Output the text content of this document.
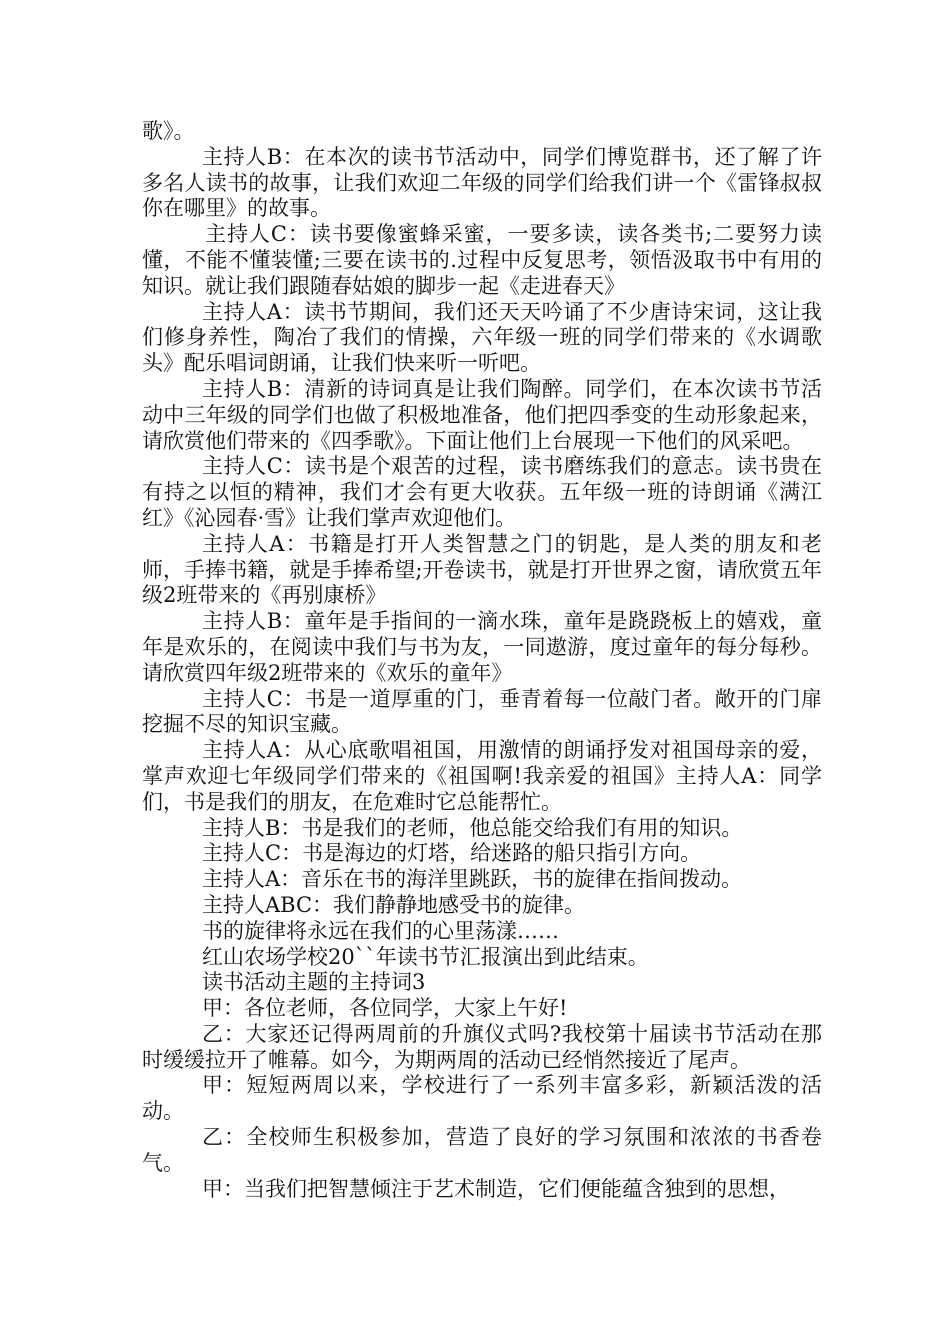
歌》。

主持人B：在本次的读书节活动中，同学们博览群书，还了解了许多名人读书的故事，让我们欢迎二年级的同学们给我们讲一个《雷锋叔叔你在哪里》的故事。

主持人C：读书要像蜜蜂采蜜，一要多读，读各类书;二要努力读懂，不能不懂装懂;三要在读书的.过程中反复思考，领悟汲取书中有用的知识。就让我们跟随春姑娘的脚步一起《走进春天》

主持人A：读书节期间，我们还天天吟诵了不少唐诗宋词，这让我们修身养性，陶冶了我们的情操，六年级一班的同学们带来的《水调歌头》配乐唱词朗诵，让我们快来听一听吧。

主持人B：清新的诗词真是让我们陶醉。同学们，在本次读书节活动中三年级的同学们也做了积极地准备，他们把四季变的生动形象起来，请欣赏他们带来的《四季歌》。下面让他们上台展现一下他们的风采吧。

主持人C：读书是个艰苦的过程，读书磨练我们的意志。读书贵在有持之以恒的精神，我们才会有更大收获。五年级一班的诗朗诵《满江红》《沁园春·雪》让我们掌声欢迎他们。

主持人A：书籍是打开人类智慧之门的钥匙，是人类的朋友和老师，手捧书籍，就是手捧希望;开卷读书，就是打开世界之窗，请欣赏五年级2班带来的《再别康桥》

主持人B：童年是手指间的一滴水珠，童年是跷跷板上的嬉戏，童年是欢乐的，在阅读中我们与书为友，一同遨游，度过童年的每分每秒。请欣赏四年级2班带来的《欢乐的童年》

主持人C：书是一道厚重的门，垂青着每一位敲门者。敞开的门扉挖掘不尽的知识宝藏。

主持人A：从心底歌唱祖国，用激情的朗诵抒发对祖国母亲的爱，掌声欢迎七年级同学们带来的《祖国啊!我亲爱的祖国》主持人A：同学们，书是我们的朋友，在危难时它总能帮忙。

主持人B：书是我们的老师，他总能交给我们有用的知识。

主持人C：书是海边的灯塔，给迷路的船只指引方向。

主持人A：音乐在书的海洋里跳跃，书的旋律在指间拨动。

主持人ABC：我们静静地感受书的旋律。

书的旋律将永远在我们的心里荡漾……

红山农场学校20``年读书节汇报演出到此结束。

读书活动主题的主持词3

甲：各位老师，各位同学，大家上午好!

乙：大家还记得两周前的升旗仪式吗?我校第十届读书节活动在那时缓缓拉开了帷幕。如今，为期两周的活动已经悄然接近了尾声。

甲：短短两周以来，学校进行了一系列丰富多彩，新颖活泼的活动。

乙：全校师生积极参加，营造了良好的学习氛围和浓浓的书香卷气。

甲：当我们把智慧倾注于艺术制造，它们便能蕴含独到的思想，
